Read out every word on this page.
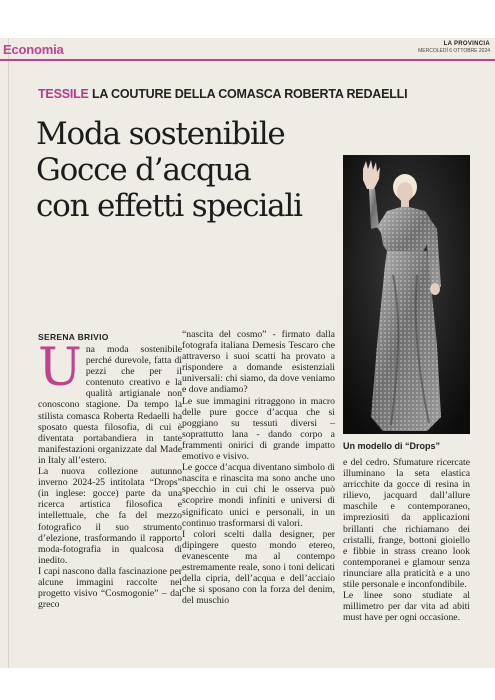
Economia	LA PROVINCIA
MERCOLEDÌ 6 OTTOBRE 2024
TESSILE LA COUTURE DELLA COMASCA ROBERTA REDAELLI
Moda sostenibile
Gocce d’acqua
con effetti speciali
Un modello di “Drops”
SERENA BRIVIO

Una moda sostenibile perché durevole, fatta di pezzi che per il contenuto creativo e la qualità artigianale non conoscono stagione. Da tempo la stilista comasca Roberta Redaelli ha sposato questa filosofia, di cui è diventata portabandiera in tante manifestazioni organizzate dal Made in Italy all’estero.

La nuova collezione autunno inverno 2024-25 intitolata “Drops” (in inglese: gocce) parte da una ricerca artistica filosofica e intellettuale, che fa del mezzo fotografico il suo strumento d’elezione, trasformando il rapporto moda-fotografia in qualcosa di inedito.

I capi nascono dalla fascinazione per alcune immagini raccolte nel progetto visivo “Cosmogonie” – dal greco

“nascita del cosmo” - firmato dalla fotografa italiana Demesis Tescaro che attraverso i suoi scatti ha provato a rispondere a domande esistenziali universali: chi siamo, da dove veniamo e dove andiamo?

Le sue immagini ritraggono in macro delle pure gocce d’acqua che si poggiano su tessuti diversi – soprattutto lana - dando corpo a frammenti onirici di grande impatto emotivo e visivo.

Le gocce d’acqua diventano simbolo di nascita e rinascita ma sono anche uno specchio in cui chi le osserva può scoprire mondi infiniti e universi di significato unici e personali, in un continuo trasformarsi di valori.

I colori scelti dalla designer, per dipingere questo mondo etereo, evanescente ma al contempo estremamente reale, sono i toni delicati della cipria, dell’acqua e dell’acciaio che si sposano con la forza del denim, del muschio

e del cedro. Sfumature ricercate illuminano la seta elastica arricchite da gocce di resina in rilievo, jacquard dall’allure maschile e contemporaneo, impreziositi da applicazioni brillanti che richiamano dei cristalli, frange, bottoni gioiello e fibbie in strass creano look contemporanei e glamour senza rinunciare alla praticità e a uno stile personale e inconfondibile.

Le linee sono studiate al millimetro per dar vita ad abiti must have per ogni occasione.
